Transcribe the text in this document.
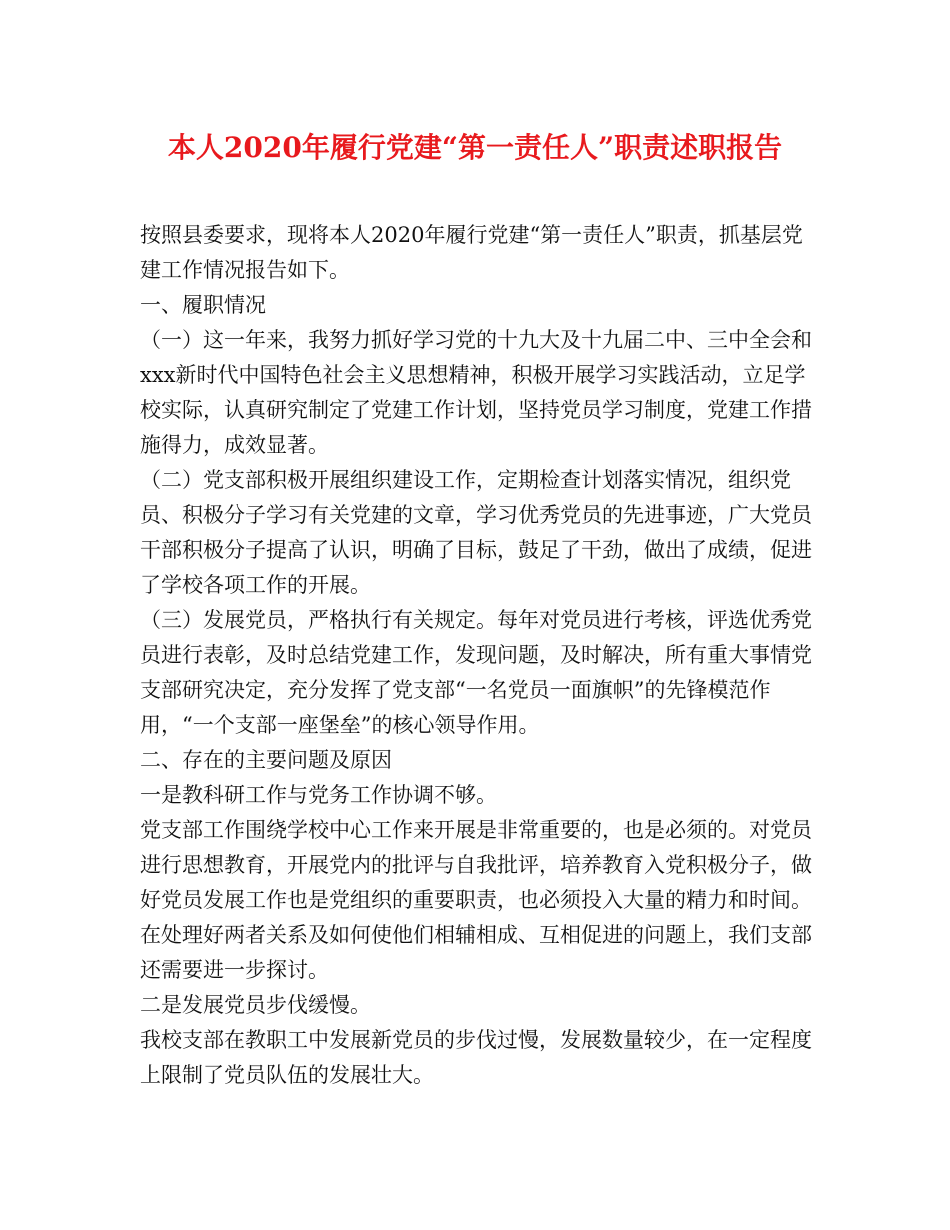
本人2020年履行党建“第一责任人”职责述职报告

按照县委要求，现将本人2020年履行党建“第一责任人”职责，抓基层党建工作情况报告如下。

一、履职情况

（一）这一年来，我努力抓好学习党的十九大及十九届二中、三中全会和xxx新时代中国特色社会主义思想精神，积极开展学习实践活动，立足学校实际，认真研究制定了党建工作计划，坚持党员学习制度，党建工作措施得力，成效显著。

（二）党支部积极开展组织建设工作，定期检查计划落实情况，组织党员、积极分子学习有关党建的文章，学习优秀党员的先进事迹，广大党员干部积极分子提高了认识，明确了目标，鼓足了干劲，做出了成绩，促进了学校各项工作的开展。

（三）发展党员，严格执行有关规定。每年对党员进行考核，评选优秀党员进行表彰，及时总结党建工作，发现问题，及时解决，所有重大事情党支部研究决定，充分发挥了党支部“一名党员一面旗帜”的先锋模范作用，“一个支部一座堡垒”的核心领导作用。

二、存在的主要问题及原因

一是教科研工作与党务工作协调不够。

党支部工作围绕学校中心工作来开展是非常重要的，也是必须的。对党员进行思想教育，开展党内的批评与自我批评，培养教育入党积极分子，做好党员发展工作也是党组织的重要职责，也必须投入大量的精力和时间。在处理好两者关系及如何使他们相辅相成、互相促进的问题上，我们支部还需要进一步探讨。

二是发展党员步伐缓慢。

我校支部在教职工中发展新党员的步伐过慢，发展数量较少，在一定程度上限制了党员队伍的发展壮大。
